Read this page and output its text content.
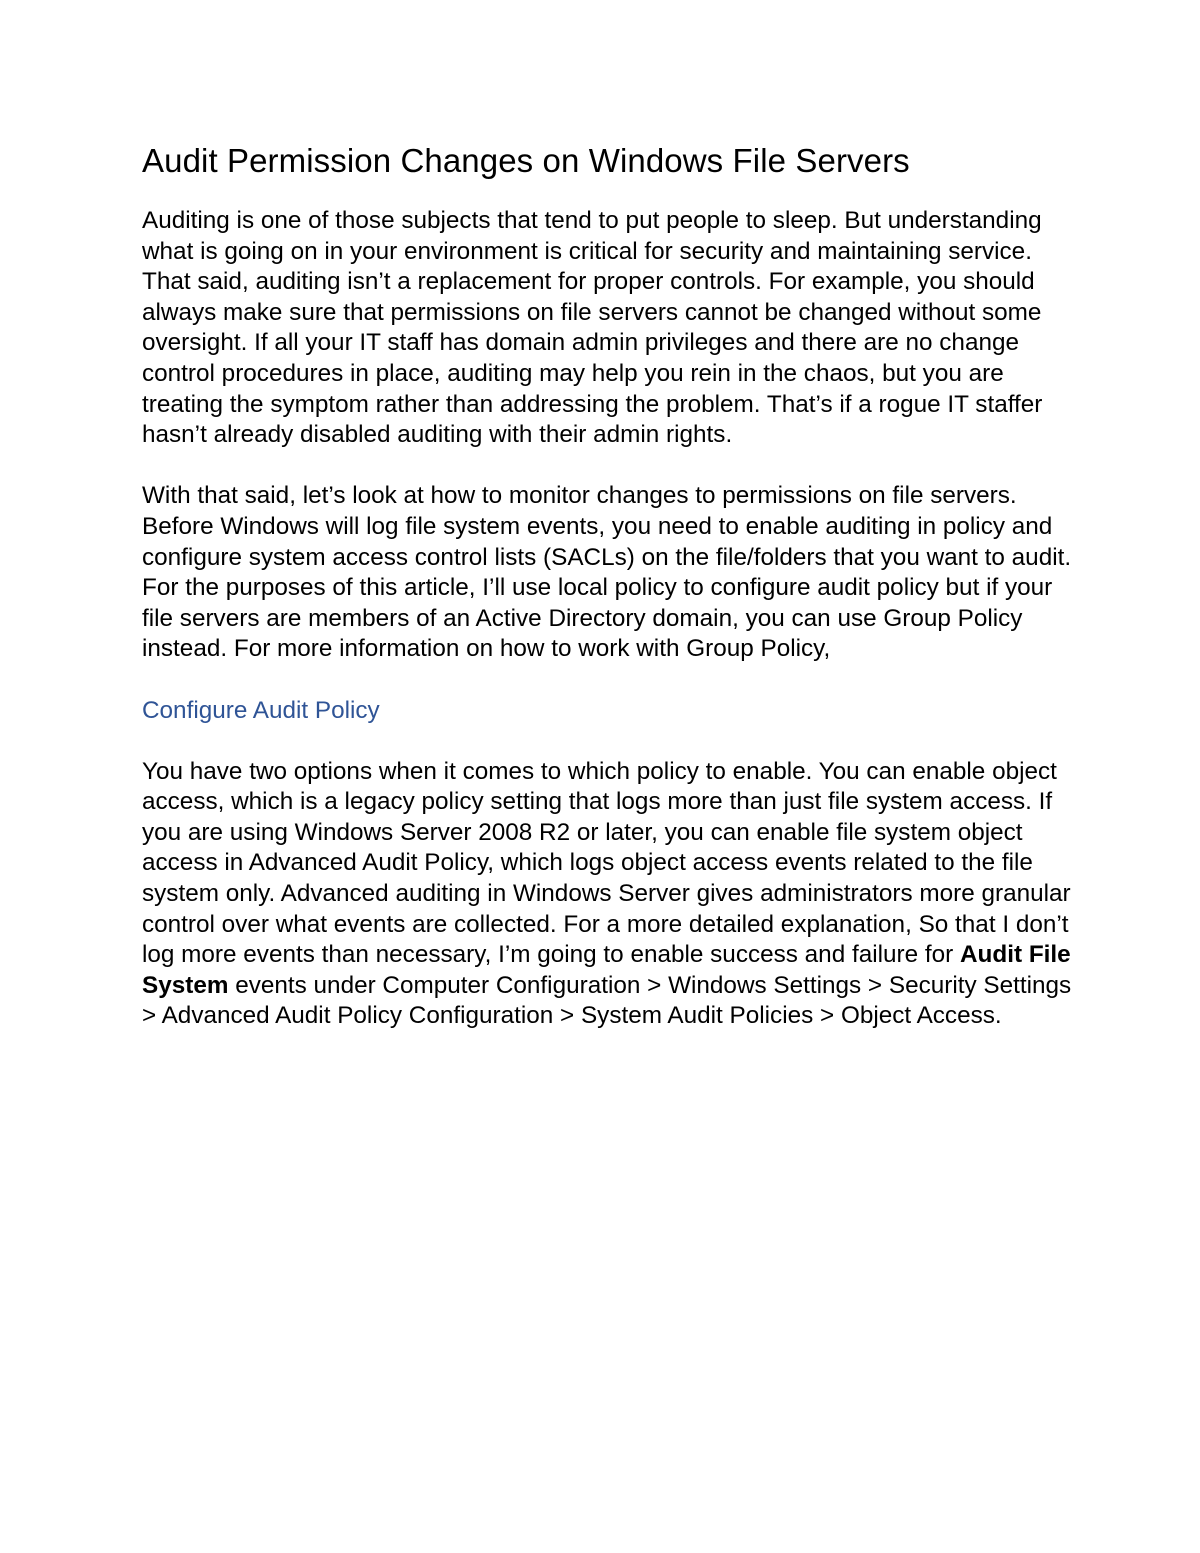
Audit Permission Changes on Windows File Servers

Auditing is one of those subjects that tend to put people to sleep. But understanding what is going on in your environment is critical for security and maintaining service. That said, auditing isn’t a replacement for proper controls. For example, you should always make sure that permissions on file servers cannot be changed without some oversight. If all your IT staff has domain admin privileges and there are no change control procedures in place, auditing may help you rein in the chaos, but you are treating the symptom rather than addressing the problem. That’s if a rogue IT staffer hasn’t already disabled auditing with their admin rights.

With that said, let’s look at how to monitor changes to permissions on file servers. Before Windows will log file system events, you need to enable auditing in policy and configure system access control lists (SACLs) on the file/folders that you want to audit. For the purposes of this article, I’ll use local policy to configure audit policy but if your file servers are members of an Active Directory domain, you can use Group Policy instead. For more information on how to work with Group Policy,

Configure Audit Policy

You have two options when it comes to which policy to enable. You can enable object access, which is a legacy policy setting that logs more than just file system access. If you are using Windows Server 2008 R2 or later, you can enable file system object access in Advanced Audit Policy, which logs object access events related to the file system only. Advanced auditing in Windows Server gives administrators more granular control over what events are collected. For a more detailed explanation, So that I don’t log more events than necessary, I’m going to enable success and failure for Audit File System events under Computer Configuration > Windows Settings > Security Settings > Advanced Audit Policy Configuration > System Audit Policies > Object Access.
